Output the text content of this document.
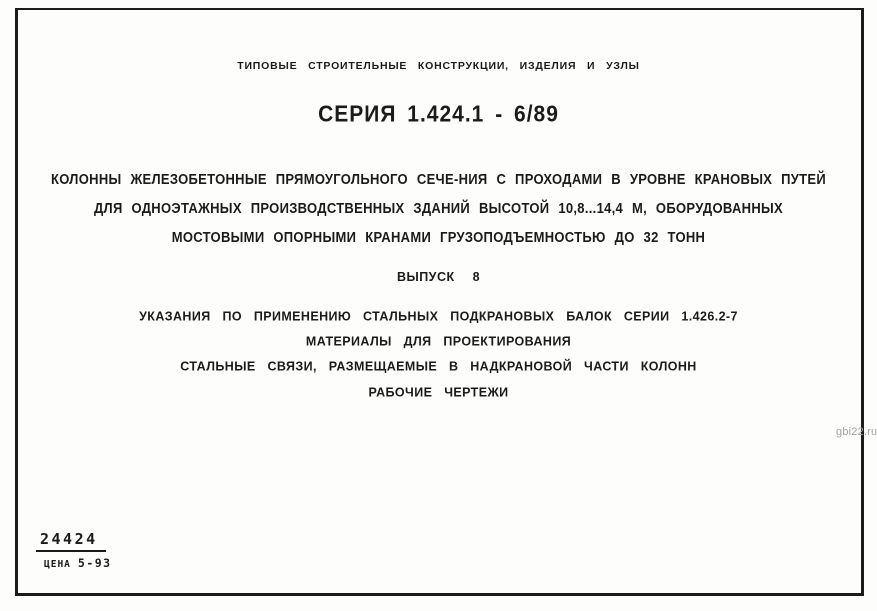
ТИПОВЫЕ СТРОИТЕЛЬНЫЕ КОНСТРУКЦИИ, ИЗДЕЛИЯ И УЗЛЫ
СЕРИЯ 1.424.1 - 6/89
КОЛОННЫ ЖЕЛЕЗОБЕТОННЫЕ ПРЯМОУГОЛЬНОГО СЕЧЕ-НИЯ С ПРОХОДАМИ В УРОВНЕ КРАНОВЫХ ПУТЕЙ
ДЛЯ ОДНОЭТАЖНЫХ ПРОИЗВОДСТВЕННЫХ ЗДАНИЙ ВЫСОТОЙ 10,8...14,4 М, ОБОРУДОВАННЫХ
МОСТОВЫМИ ОПОРНЫМИ КРАНАМИ ГРУЗОПОДЪЕМНОСТЬЮ ДО 32 ТОНН
ВЫПУСК 8
УКАЗАНИЯ ПО ПРИМЕНЕНИЮ СТАЛЬНЫХ ПОДКРАНОВЫХ БАЛОК СЕРИИ 1.426.2-7
МАТЕРИАЛЫ ДЛЯ ПРОЕКТИРОВАНИЯ
СТАЛЬНЫЕ СВЯЗИ, РАЗМЕЩАЕМЫЕ В НАДКРАНОВОЙ ЧАСТИ КОЛОНН
РАБОЧИЕ ЧЕРТЕЖИ
24424
ЦЕНА 5-93
gbi22.ru
